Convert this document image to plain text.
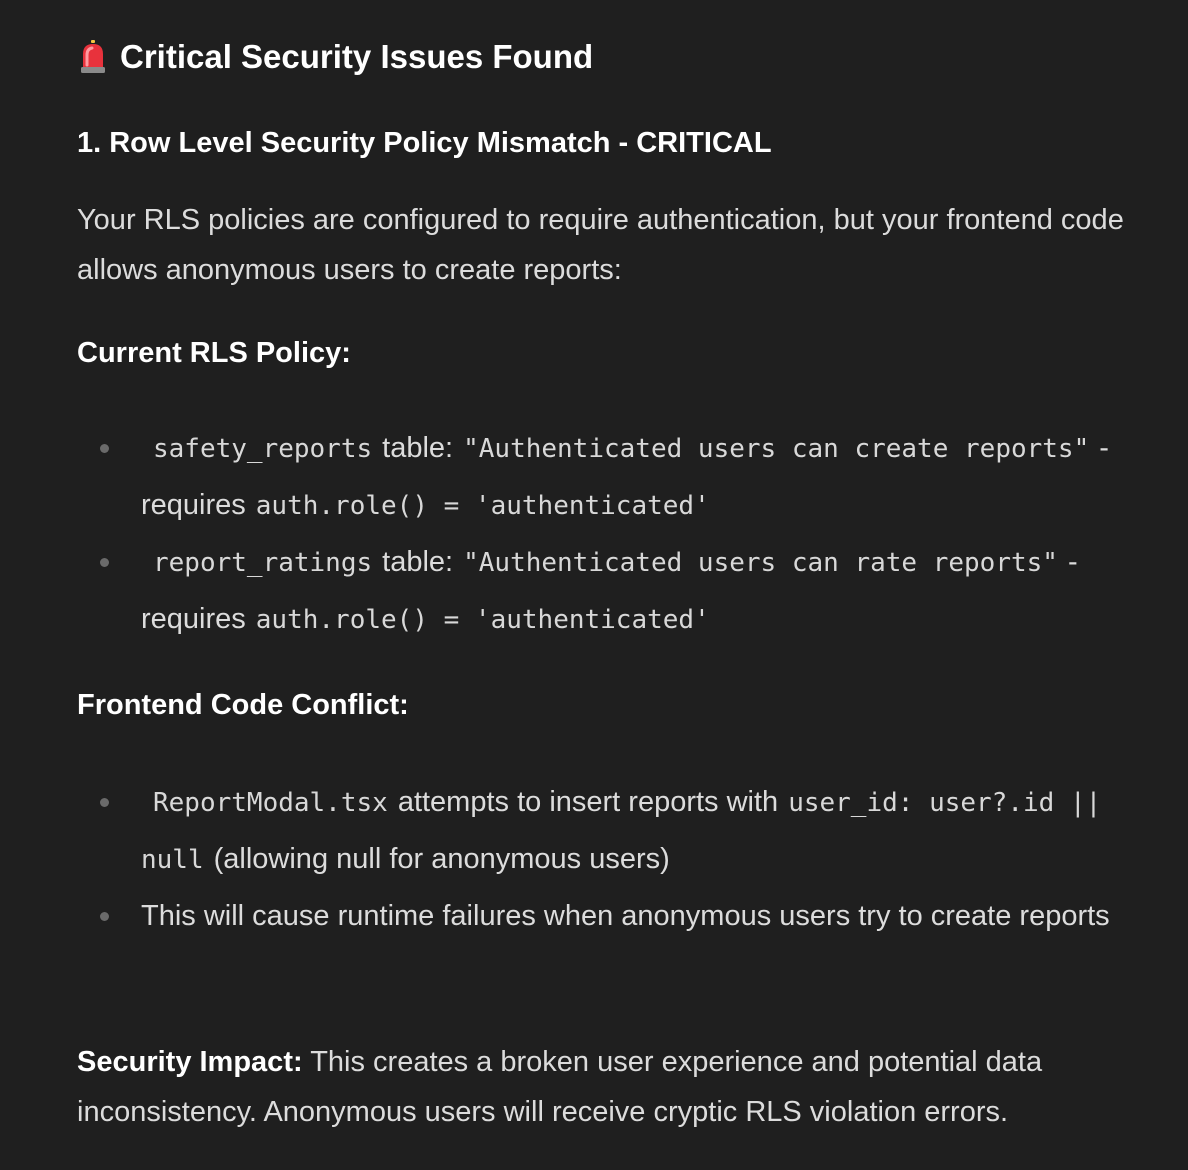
Critical Security Issues Found
1. Row Level Security Policy Mismatch - CRITICAL
Your RLS policies are configured to require authentication, but your frontend code allows anonymous users to create reports:
Current RLS Policy:
safety_reports table: "Authenticated users can create reports" - requires auth.role() = 'authenticated'
report_ratings table: "Authenticated users can rate reports" - requires auth.role() = 'authenticated'
Frontend Code Conflict:
ReportModal.tsx attempts to insert reports with user_id: user?.id || null (allowing null for anonymous users)
This will cause runtime failures when anonymous users try to create reports
Security Impact: This creates a broken user experience and potential data inconsistency. Anonymous users will receive cryptic RLS violation errors.
